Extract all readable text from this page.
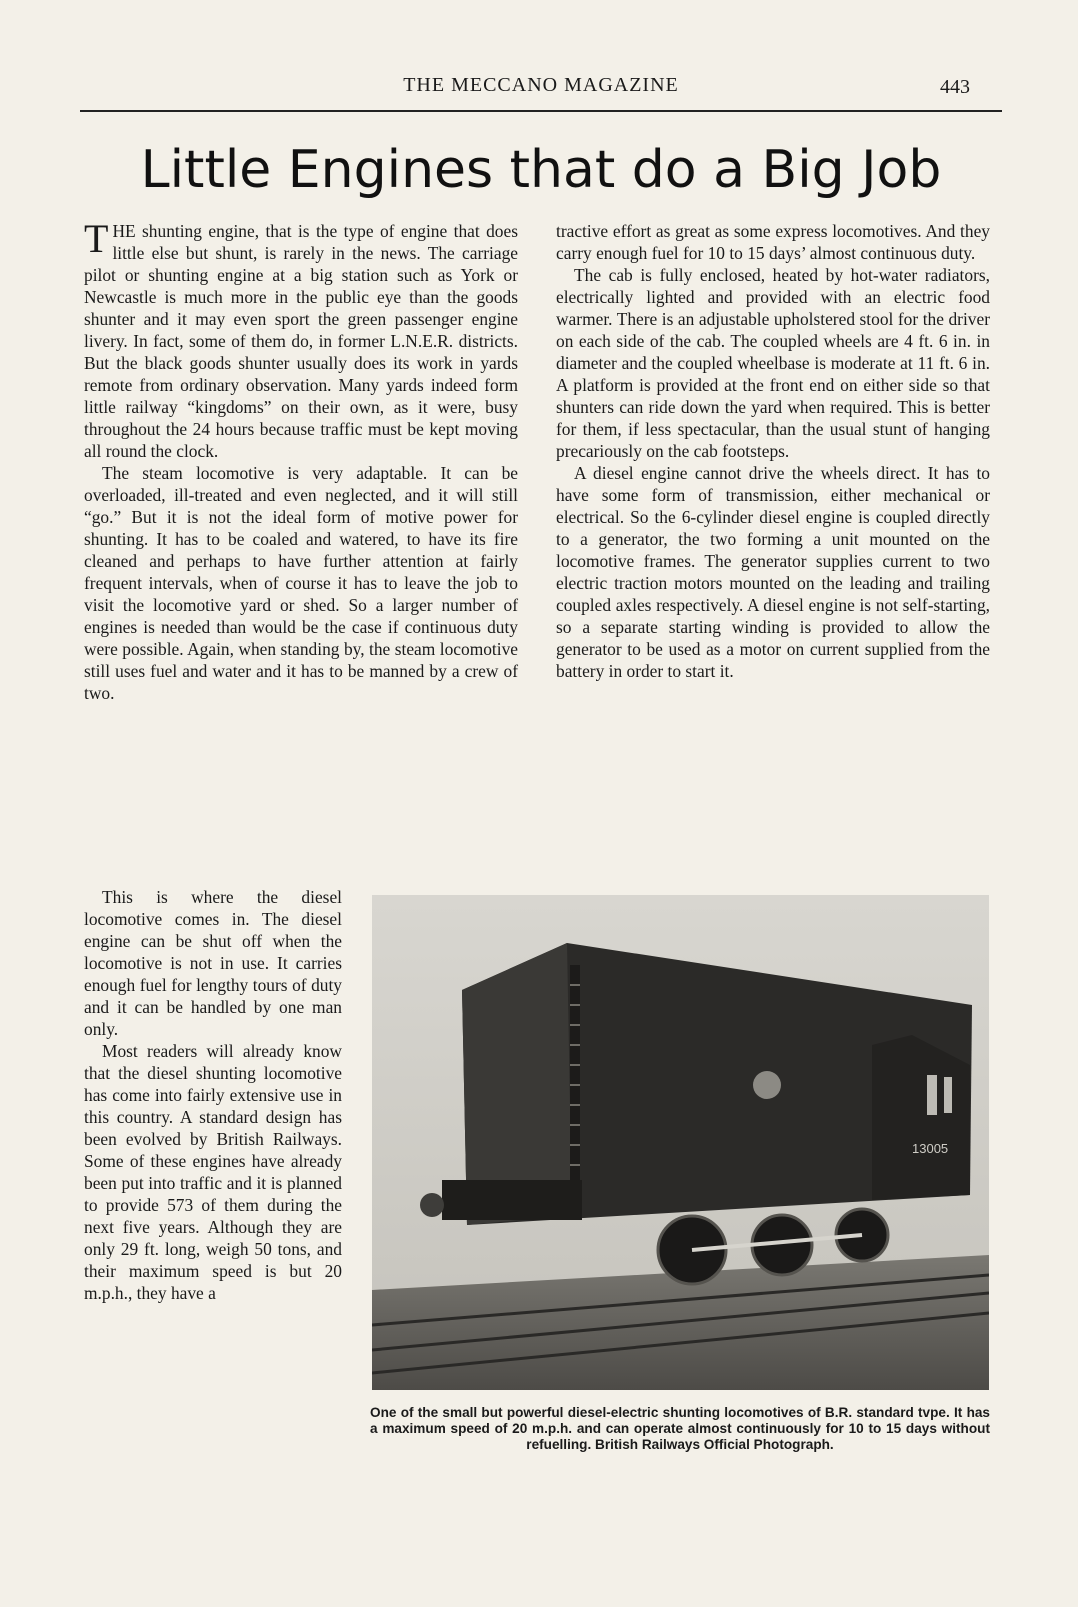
THE MECCANO MAGAZINE	443
Little Engines that do a Big Job

THE shunting engine, that is the type of engine that does little else but shunt, is rarely in the news. The carriage pilot or shunting engine at a big station such as York or Newcastle is much more in the public eye than the goods shunter and it may even sport the green passenger engine livery. In fact, some of them do, in former L.N.E.R. districts. But the black goods shunter usually does its work in yards remote from ordinary observation. Many yards indeed form little railway “kingdoms” on their own, as it were, busy throughout the 24 hours because traffic must be kept moving all round the clock.

The steam locomotive is very adaptable. It can be overloaded, ill-treated and even neglected, and it will still “go.” But it is not the ideal form of motive power for shunting. It has to be coaled and watered, to have its fire cleaned and perhaps to have further attention at fairly frequent intervals, when of course it has to leave the job to visit the locomotive yard or shed. So a larger number of engines is needed than would be the case if continuous duty were possible. Again, when standing by, the steam locomotive still uses fuel and water and it has to be manned by a crew of two.

This is where the diesel locomotive comes in. The diesel engine can be shut off when the locomotive is not in use. It carries enough fuel for lengthy tours of duty and it can be handled by one man only.

Most readers will already know that the diesel shunting locomotive has come into fairly extensive use in this country. A standard design has been evolved by British Railways. Some of these engines have already been put into traffic and it is planned to provide 573 of them during the next five years. Although they are only 29 ft. long, weigh 50 tons, and their maximum speed is but 20 m.p.h., they have a

tractive effort as great as some express locomotives. And they carry enough fuel for 10 to 15 days’ almost continuous duty.

The cab is fully enclosed, heated by hot-water radiators, electrically lighted and provided with an electric food warmer. There is an adjustable upholstered stool for the driver on each side of the cab. The coupled wheels are 4 ft. 6 in. in diameter and the coupled wheelbase is moderate at 11 ft. 6 in. A platform is provided at the front end on either side so that shunters can ride down the yard when required. This is better for them, if less spectacular, than the usual stunt of hanging precariously on the cab footsteps.

A diesel engine cannot drive the wheels direct. It has to have some form of transmission, either mechanical or electrical. So the 6-cylinder diesel engine is coupled directly to a generator, the two forming a unit mounted on the locomotive frames. The generator supplies current to two electric traction motors mounted on the leading and trailing coupled axles respectively. A diesel engine is not self-starting, so a separate starting winding is provided to allow the generator to be used as a motor on current supplied from the battery in order to start it.

13005
One of the small but powerful diesel-electric shunting locomotives of B.R. standard tvpe. It has a maximum speed of 20 m.p.h. and can operate almost continuously for 10 to 15 days without refuelling. British Railways Official Photograph.
